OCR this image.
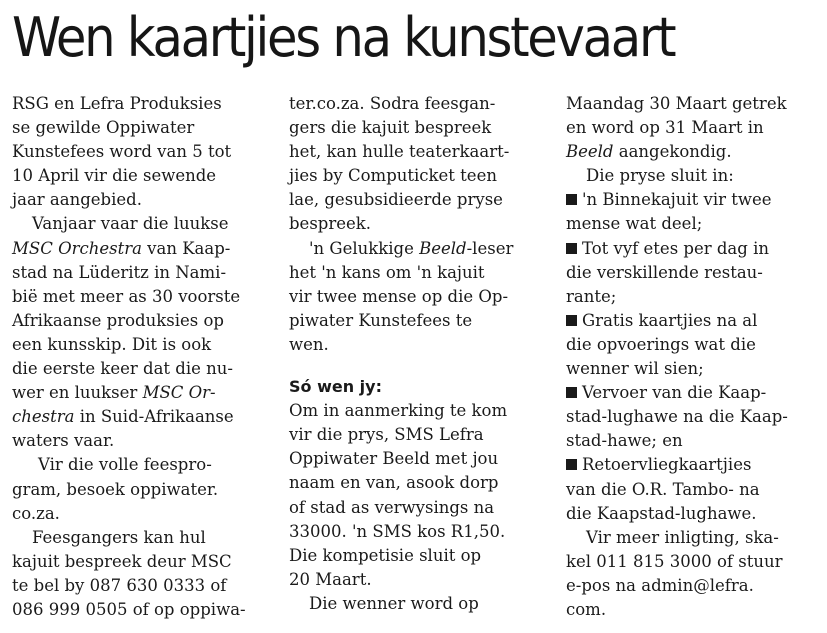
Wen kaartjies na kunstevaart
RSG en Lefra Produksies
se gewilde Oppiwater
Kunstefees word van 5 tot
10 April vir die sewende
jaar aangebied.
Vanjaar vaar die luukse
MSC Orchestra van Kaap-
stad na Lüderitz in Nami-
bië met meer as 30 voorste
Afrikaanse produksies op
een kunsskip. Dit is ook
die eerste keer dat die nu-
wer en luukser MSC Or-
chestra in Suid-Afrikaanse
waters vaar.
Vir die volle feespro-
gram, besoek oppiwater.
co.za.
Feesgangers kan hul
kajuit bespreek deur MSC
te bel by 087 630 0333 of
086 999 0505 of op oppiwa-
ter.co.za. Sodra feesgan-
gers die kajuit bespreek
het, kan hulle teaterkaart-
jies by Computicket teen
lae, gesubsidieerde pryse
bespreek.
'n Gelukkige Beeld-leser
het 'n kans om 'n kajuit
vir twee mense op die Op-
piwater Kunstefees te
wen.
Só wen jy:
Om in aanmerking te kom
vir die prys, SMS Lefra
Oppiwater Beeld met jou
naam en van, asook dorp
of stad as verwysings na
33000. 'n SMS kos R1,50.
Die kompetisie sluit op
20 Maart.
Die wenner word op
Maandag 30 Maart getrek
en word op 31 Maart in
Beeld aangekondig.
Die pryse sluit in:
'n Binnekajuit vir twee
mense wat deel;
Tot vyf etes per dag in
die verskillende restau-
rante;
Gratis kaartjies na al
die opvoerings wat die
wenner wil sien;
Vervoer van die Kaap-
stad-lughawe na die Kaap-
stad-hawe; en
Retoervliegkaartjies
van die O.R. Tambo- na
die Kaapstad-lughawe.
Vir meer inligting, ska-
kel 011 815 3000 of stuur
e-pos na admin@lefra.
com.
